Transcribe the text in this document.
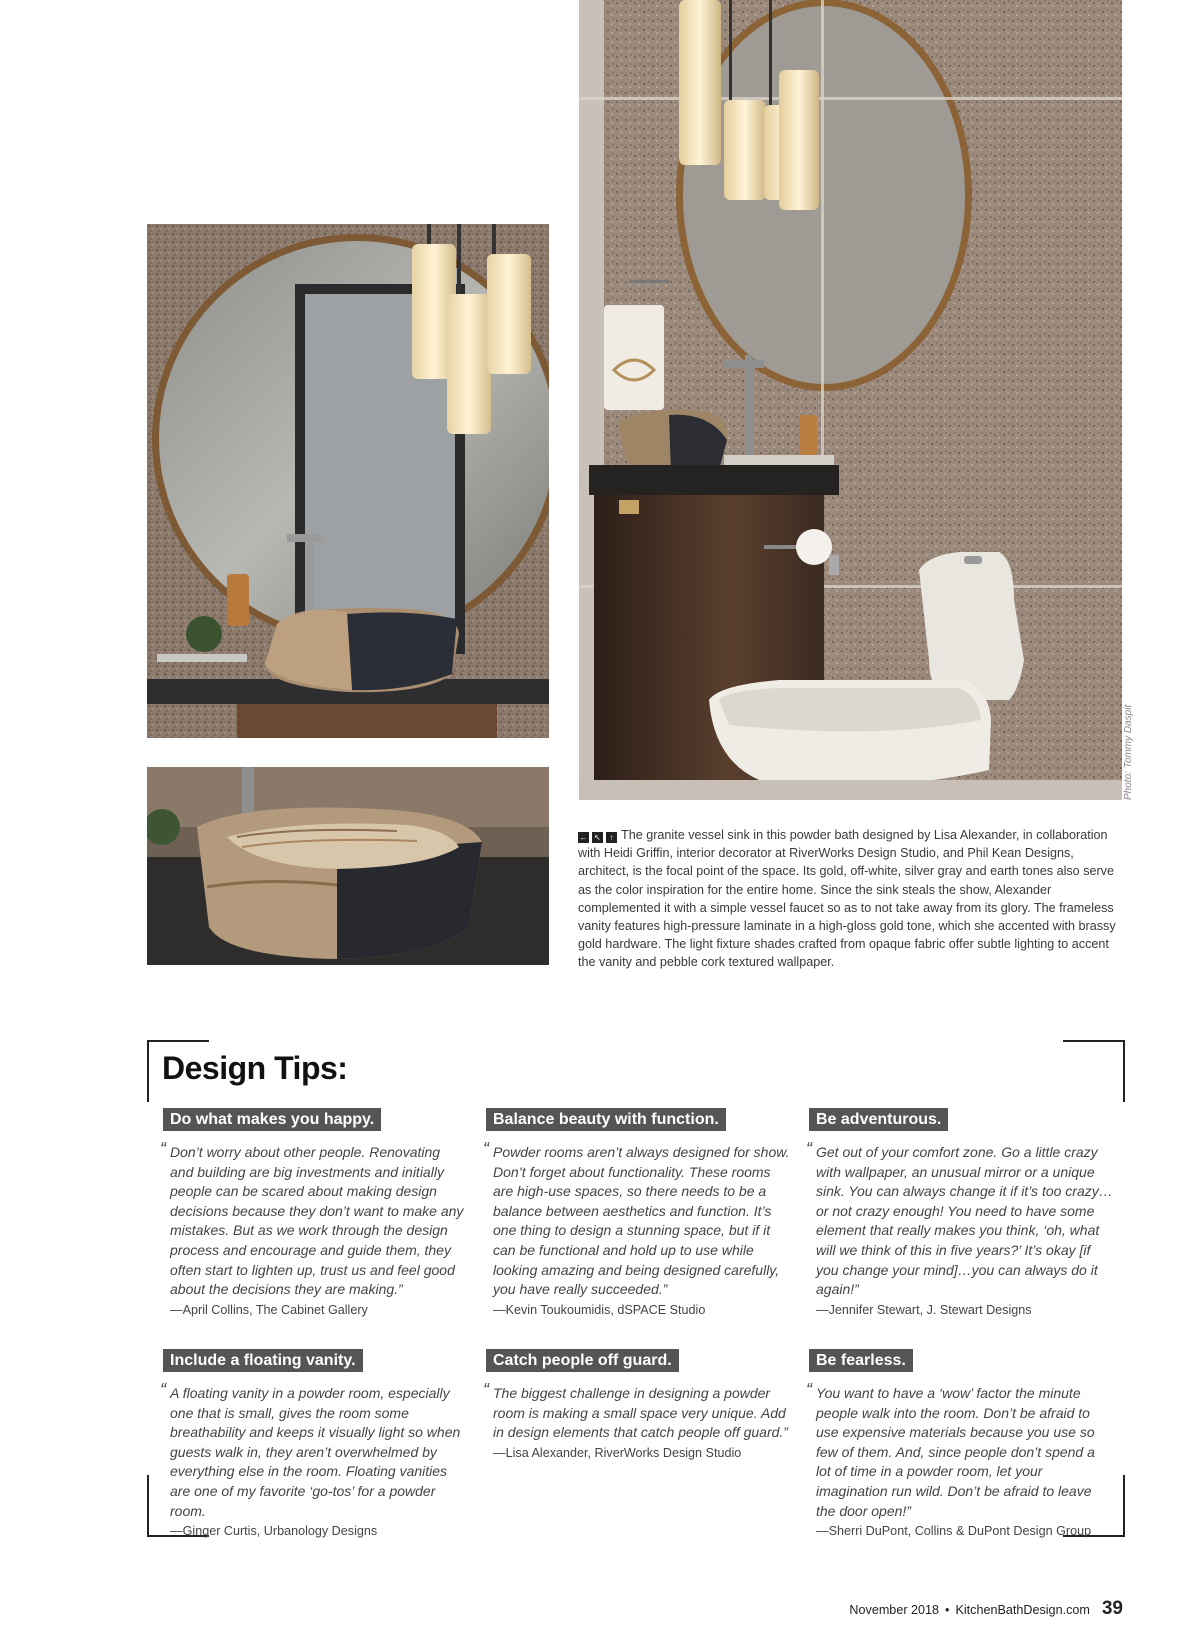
Photo: Tommy Daspit
← ↖	↑ The granite vessel sink in this powder bath designed by Lisa Alexander, in collaboration with Heidi Griffin, interior decorator at RiverWorks Design Studio, and Phil Kean Designs, architect, is the focal point of the space. Its gold, off-white, silver gray and earth tones also serve as the color inspiration for the entire home. Since the sink steals the show, Alexander complemented it with a simple vessel faucet so as to not take away from its glory. The frameless vanity features high-pressure laminate in a high-gloss gold tone, which she accented with brassy gold hardware. The light fixture shades crafted from opaque fabric offer subtle lighting to accent the vanity and pebble cork textured wallpaper.
Design Tips:
Do what makes you happy.
“ Don’t worry about other people. Renovating and building are big investments and initially people can be scared about making design decisions because they don’t want to make any mistakes. But as we work through the design process and encourage and guide them, they often start to lighten up, trust us and feel good about the decisions they are making.”
—April Collins, The Cabinet Gallery
Balance beauty with function.
“ Powder rooms aren’t always designed for show. Don’t forget about functionality. These rooms are high-use spaces, so there needs to be a balance between aesthetics and function. It’s one thing to design a stunning space, but if it can be functional and hold up to use while looking amazing and being designed carefully, you have really succeeded.”
—Kevin Toukoumidis, dSPACE Studio
Be adventurous.
“ Get out of your comfort zone. Go a little crazy with wallpaper, an unusual mirror or a unique sink. You can always change it if it’s too crazy…or not crazy enough! You need to have some element that really makes you think, ‘oh, what will we think of this in five years?’ It’s okay [if you change your mind]…you can always do it again!”
—Jennifer Stewart, J. Stewart Designs
Include a floating vanity.
“ A floating vanity in a powder room, especially one that is small, gives the room some breathability and keeps it visually light so when guests walk in, they aren’t overwhelmed by everything else in the room. Floating vanities are one of my favorite ‘go-tos’ for a powder room.
—Ginger Curtis, Urbanology Designs
Catch people off guard.
“ The biggest challenge in designing a powder room is making a small space very unique. Add in design elements that catch people off guard.”
—Lisa Alexander, RiverWorks Design Studio
Be fearless.
“ You want to have a ‘wow’ factor the minute people walk into the room. Don’t be afraid to use expensive materials because you use so few of them. And, since people don’t spend a lot of time in a powder room, let your imagination run wild. Don’t be afraid to leave the door open!”
—Sherri DuPont, Collins & DuPont Design Group
November 2018 • KitchenBathDesign.com 39
